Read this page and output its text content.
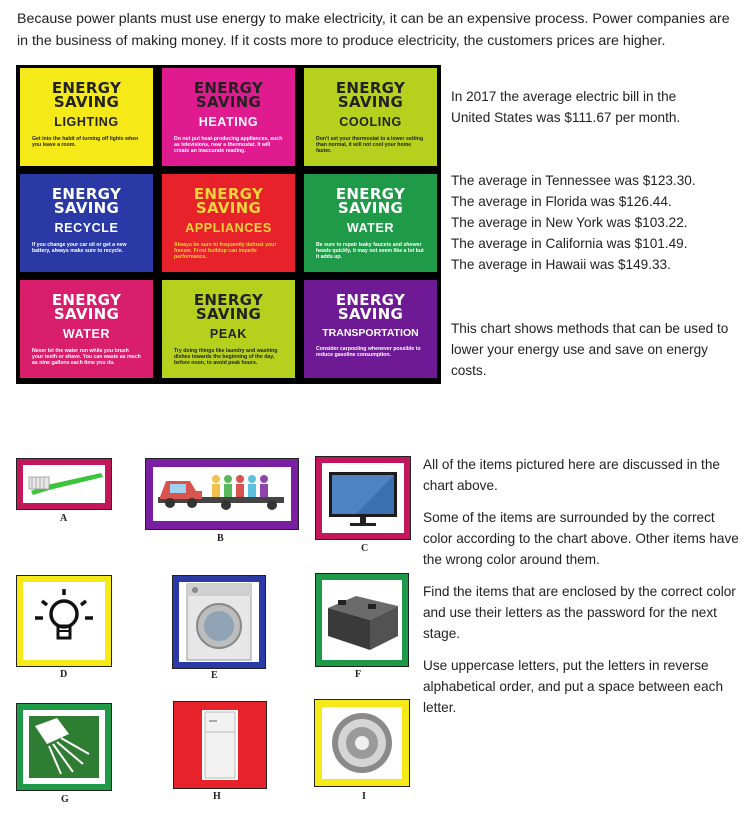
Because power plants must use energy to make electricity, it can be an expensive process. Power companies are in the business of making money. If it costs more to produce electricity, the customers prices are higher.
ENERGY
SAVING
LIGHTING
Get into the habit of turning off lights when you leave a room.
ENERGY
SAVING
HEATING
Do not put heat-producing appliances, such as televisions, near a thermostat. It will create an inaccurate reading.
ENERGY
SAVING
COOLING
Don't set your thermostat to a lower setting than normal, it will not cool your home faster.
ENERGY
SAVING
RECYCLE
If you change your car oil or get a new battery, always make sure to recycle.
ENERGY
SAVING
APPLIANCES
Always be sure to frequently defrost your freezer. Frost buildup can impede performance.
ENERGY
SAVING
WATER
Be sure to repair leaky faucets and shower heads quickly, it may not seem like a lot but it adds up.
ENERGY
SAVING
WATER
Never let the water run while you brush your teeth or shave. You can waste as much as nine gallons each time you do.
ENERGY
SAVING
PEAK
Try doing things like laundry and washing dishes towards the beginning of the day, before noon, to avoid peak hours.
ENERGY
SAVING
TRANSPORTATION
Consider carpooling whenever possible to reduce gasoline consumption.
In 2017 the average electric bill in the United States was $111.67 per month.
The average in Tennessee was $123.30.
The average in Florida was $126.44.
The average in New York was $103.22.
The average in California was $101.49.
The average in Hawaii was $149.33.
This chart shows methods that can be used to lower your energy use and save on energy costs.
A
B
C
D	E	F
G	H	I
All of the items pictured here are discussed in the chart above.
Some of the items are surrounded by the correct color according to the chart above. Other items have the wrong color around them.
Find the items that are enclosed by the correct color and use their letters as the password for the next stage.
Use uppercase letters, put the letters in reverse alphabetical order, and put a space between each letter.
